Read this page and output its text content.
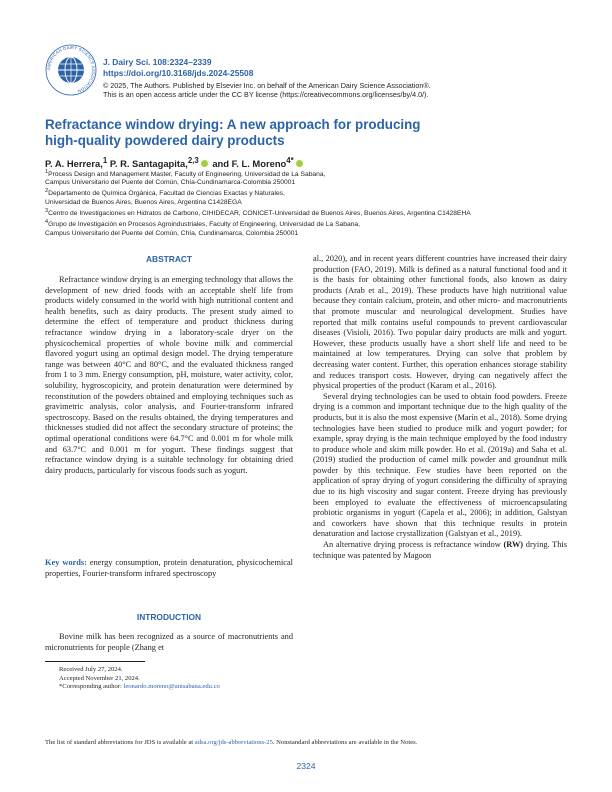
AMERICAN DAIRY SCIENCE ASSOCIATION
J. Dairy Sci. 108:2324–2339
https://doi.org/10.3168/jds.2024-25508
© 2025, The Authors. Published by Elsevier Inc. on behalf of the American Dairy Science Association®.
This is an open access article under the CC BY license (https://creativecommons.org/licenses/by/4.0/).
Refractance window drying: A new approach for producing
high-quality powdered dairy products
P. A. Herrera,$^1$ P. R. Santagapita,$^{2,3}$ and F. L. Moreno$^{4*}$
$^1$Process Design and Management Master, Faculty of Engineering, Universidad de La Sabana,
Campus Universitario del Puente del Común, Chía-Cundinamarca-Colombia 250001
$^2$Departamento de Química Orgánica, Facultad de Ciencias Exactas y Naturales,
Universidad de Buenos Aires, Buenos Aires, Argentina C1428EGA
$^3$Centro de Investigaciones en Hidratos de Carbono, CIHIDECAR, CONICET-Universidad de Buenos Aires, Buenos Aires, Argentina C1428EHA
$^4$Grupo de Investigación en Procesos Agroindustriales, Faculty of Engineering, Universidad de La Sabana,
Campus Universitario del Puente del Común, Chía, Cundinamarca, Colombia 250001
ABSTRACT
Refractance window drying is an emerging technology that allows the development of new dried foods with an acceptable shelf life from products widely consumed in the world with high nutritional content and health benefits, such as dairy products. The present study aimed to determine the effect of temperature and product thickness during refractance window drying in a laboratory-scale dryer on the physicochemical properties of whole bovine milk and commercial flavored yogurt using an optimal design model. The drying temperature range was between 40°C and 80°C, and the evaluated thickness ranged from 1 to 3 mm. Energy consumption, pH, moisture, water activity, color, solubility, hygroscopicity, and protein denaturation were determined by reconstitution of the powders obtained and employing techniques such as gravimetric analysis, color analysis, and Fourier-transform infrared spectroscopy. Based on the results obtained, the drying temperatures and thicknesses studied did not affect the secondary structure of proteins; the optimal operational conditions were 64.7°C and 0.001 m for whole milk and 63.7°C and 0.001 m for yogurt. These findings suggest that refractance window drying is a suitable technology for obtaining dried dairy products, particularly for viscous foods such as yogurt.
Key words: energy consumption, protein denaturation, physicochemical properties, Fourier-transform infrared spectroscopy
INTRODUCTION
Bovine milk has been recognized as a source of macronutrients and micronutrients for people (Zhang et
Received July 27, 2024.
Accepted November 21, 2024.
*Corresponding author: leonardo.moreno@unisabana.edu.co

al., 2020), and in recent years different countries have increased their dairy production (FAO, 2019). Milk is defined as a natural functional food and it is the basis for obtaining other functional foods, also known as dairy products (Arab et al., 2019). These products have high nutritional value because they contain calcium, protein, and other micro- and macronutrients that promote muscular and neurological development. Studies have reported that milk contains useful compounds to prevent cardiovascular diseases (Visioli, 2016). Two popular dairy products are milk and yogurt. However, these products usually have a short shelf life and need to be maintained at low temperatures. Drying can solve that problem by decreasing water content. Further, this operation enhances storage stability and reduces transport costs. However, drying can negatively affect the physical properties of the product (Karam et al., 2016).

Several drying technologies can be used to obtain food powders. Freeze drying is a common and important technique due to the high quality of the products, but it is also the most expensive (Marín et al., 2018). Some drying technologies have been studied to produce milk and yogurt powder; for example, spray drying is the main technique employed by the food industry to produce whole and skim milk powder. Ho et al. (2019a) and Saha et al. (2019) studied the production of camel milk powder and groundnut milk powder by this technique. Few studies have been reported on the application of spray drying of yogurt considering the difficulty of spraying due to its high viscosity and sugar content. Freeze drying has previously been employed to evaluate the effectiveness of microencapsulating probiotic organisms in yogurt (Capela et al., 2006); in addition, Galstyan and coworkers have shown that this technique results in protein denaturation and lactose crystallization (Galstyan et al., 2019).

An alternative drying process is refractance window (RW) drying. This technique was patented by Magoon

The list of standard abbreviations for JDS is available at adsa.org/jds-abbreviations-25. Nonstandard abbreviations are available in the Notes.
2324
